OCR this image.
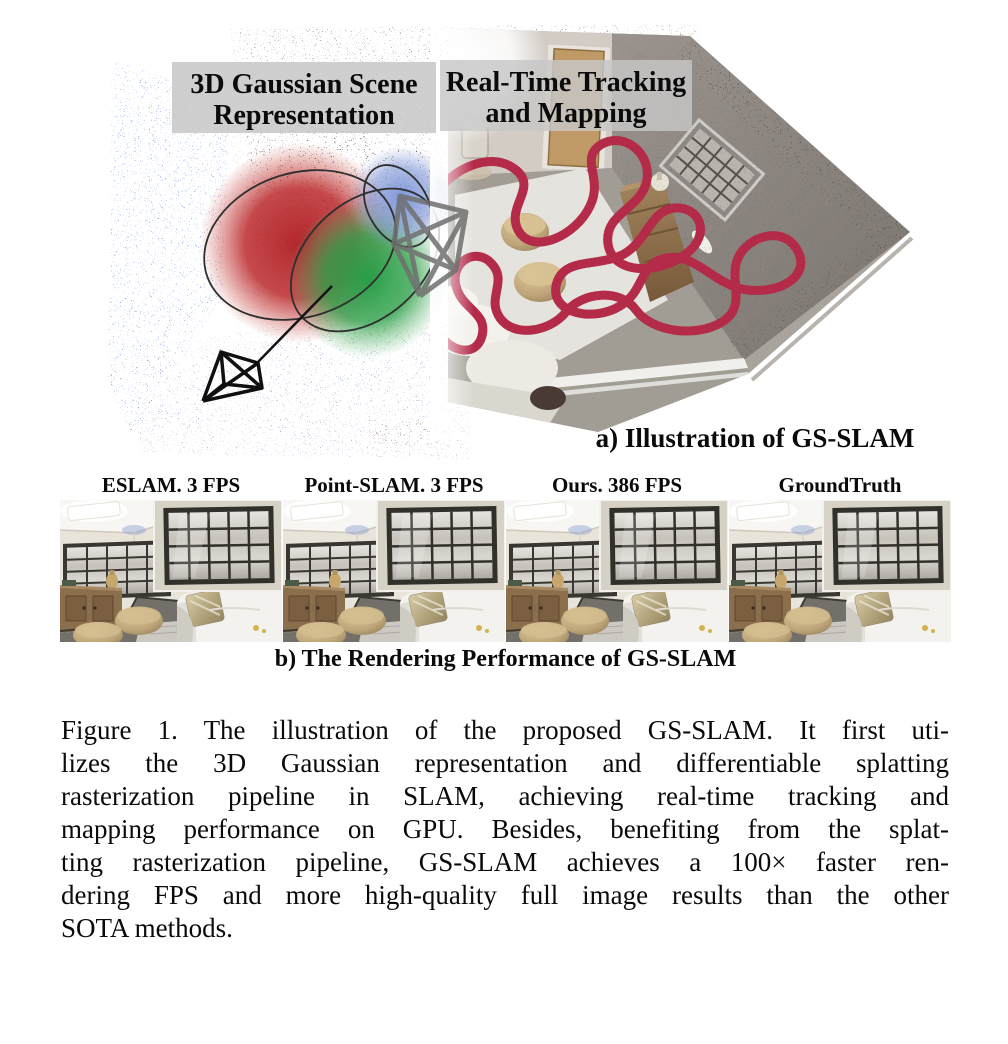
3D Gaussian Scene
Representation
Real-Time Tracking
and Mapping
a) Illustration of GS-SLAM
ESLAM. 3 FPS	Point-SLAM. 3 FPS	Ours. 386 FPS	GroundTruth
b) The Rendering Performance of GS-SLAM
Figure 1. The illustration of the proposed GS-SLAM. It first uti-
lizes the 3D Gaussian representation and differentiable splatting
rasterization pipeline in SLAM, achieving real-time tracking and
mapping performance on GPU. Besides, benefiting from the splat-
ting rasterization pipeline, GS-SLAM achieves a 100× faster ren-
dering FPS and more high-quality full image results than the other
SOTA methods.
